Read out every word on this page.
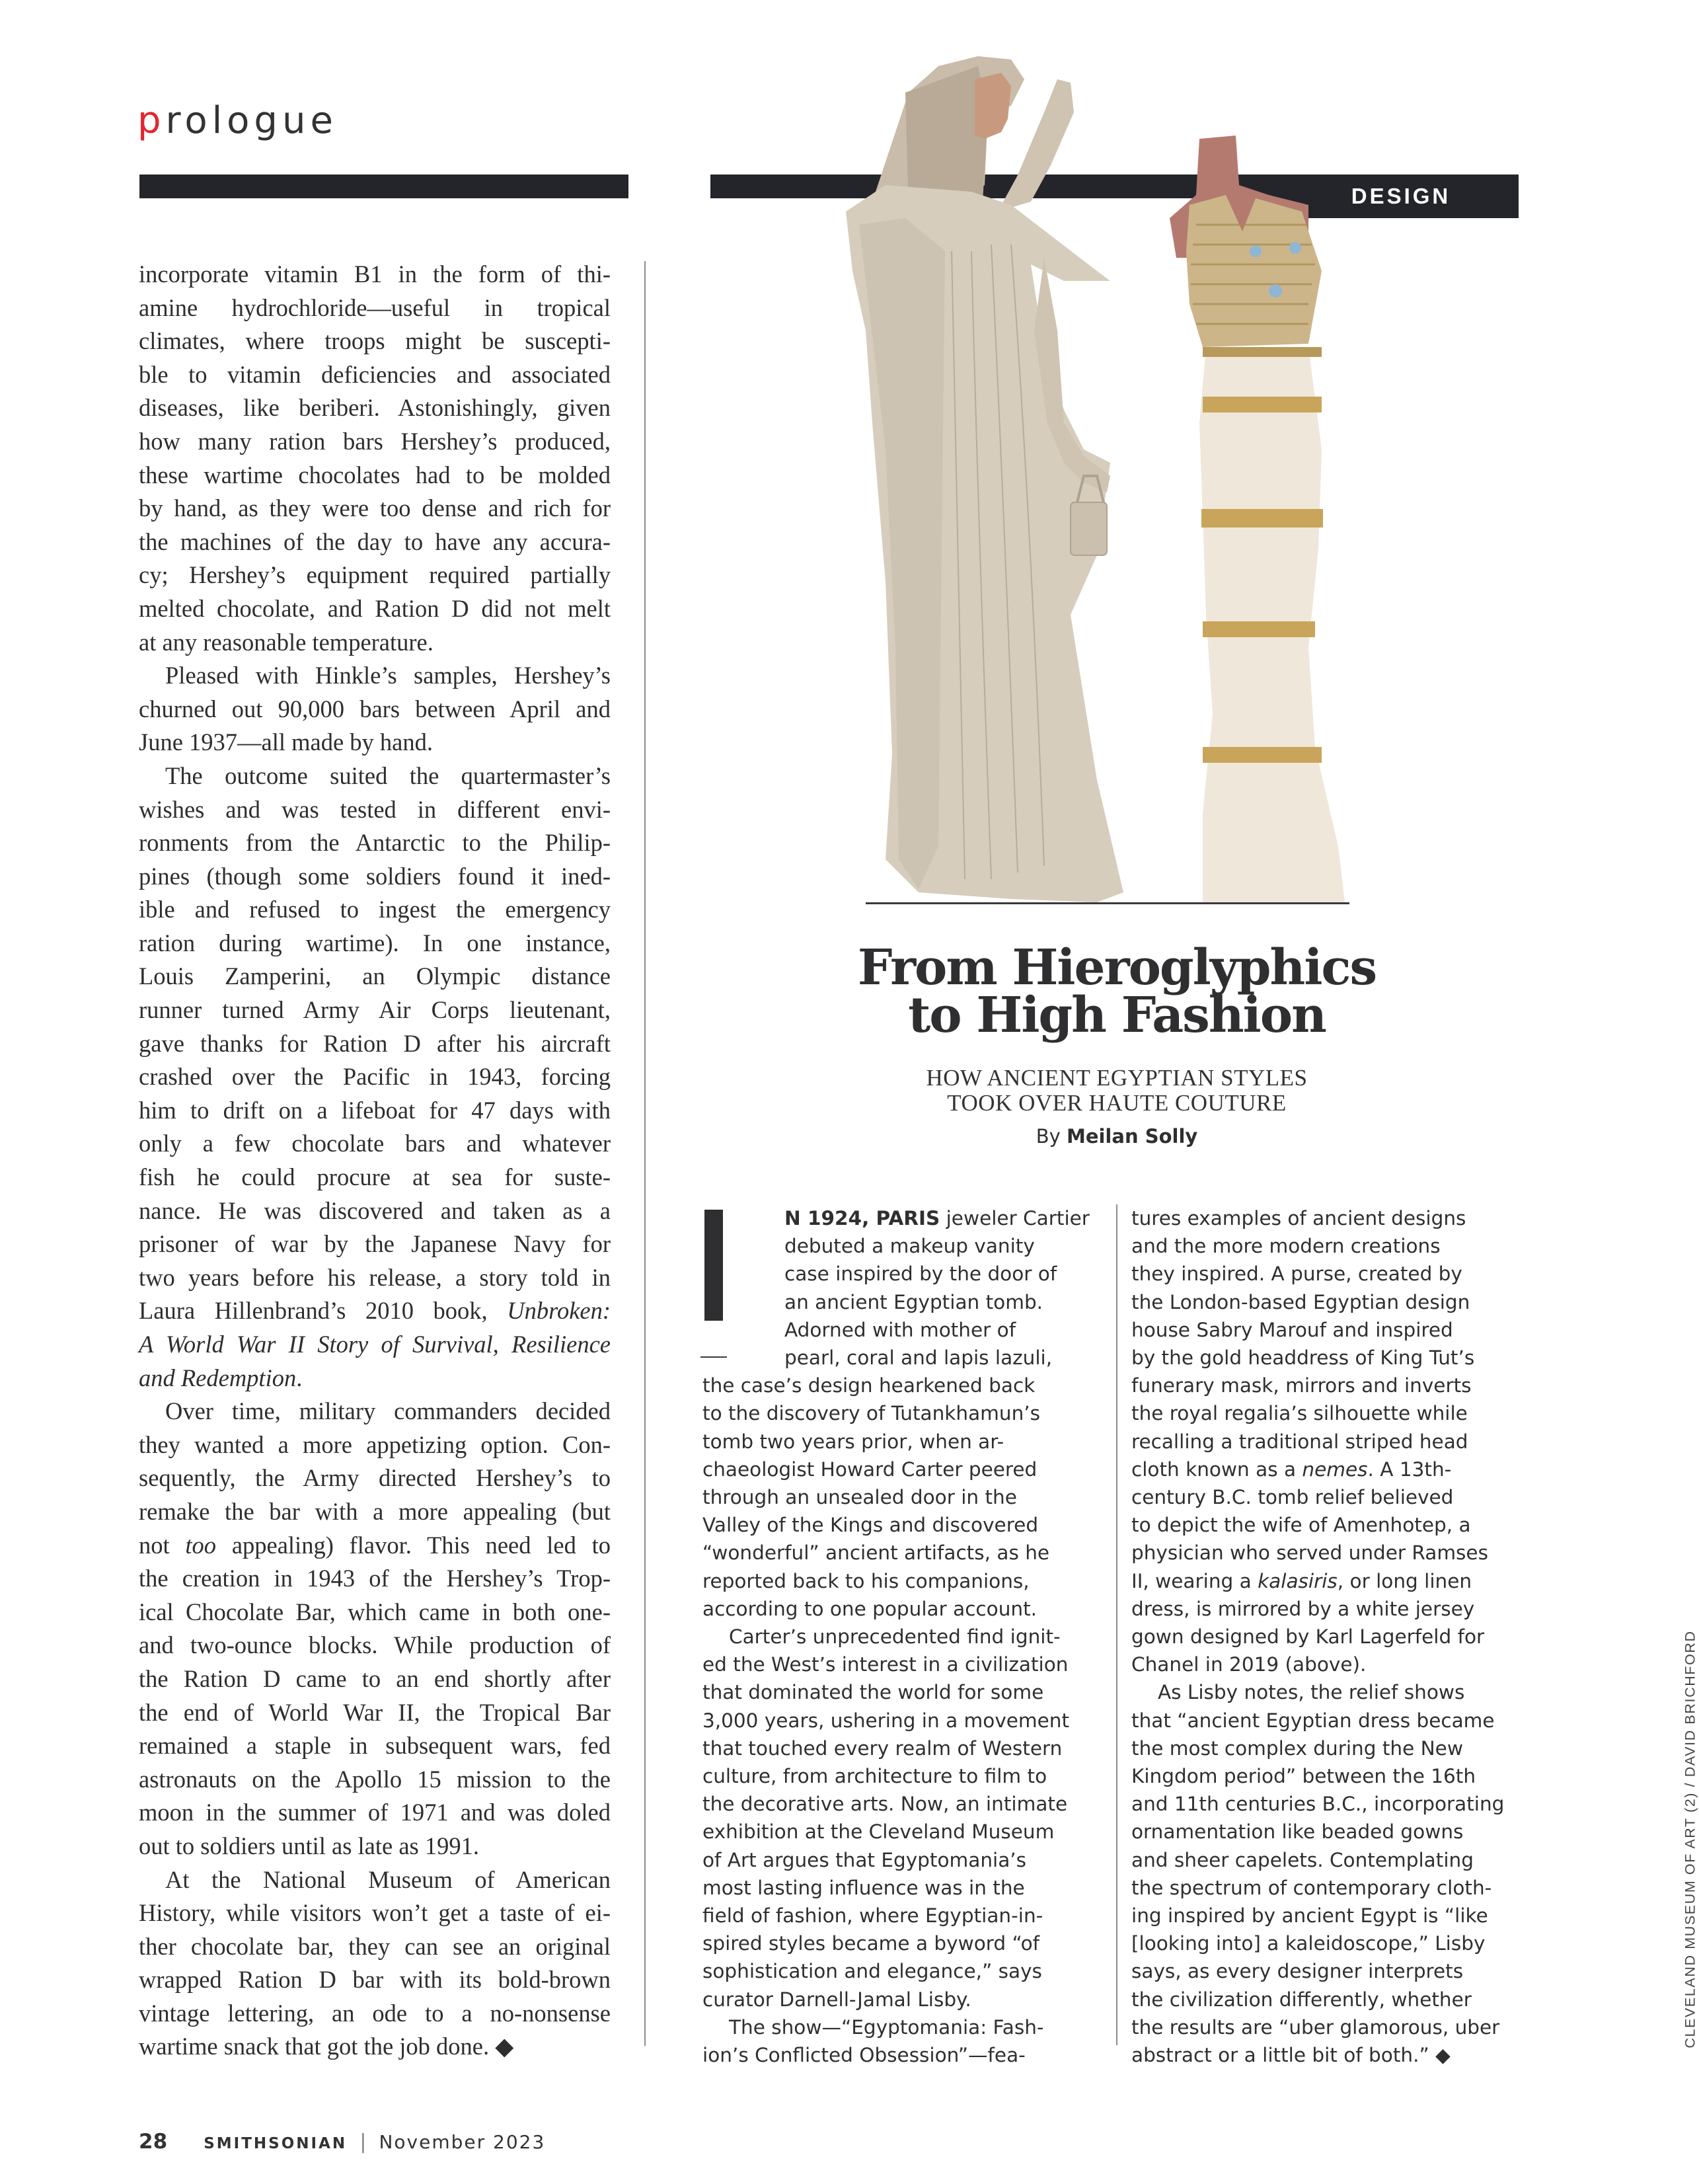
prologue
DESIGN

incorporate vitamin B1 in the form of thi-
amine hydrochloride—useful in tropical
climates, where troops might be suscepti-
ble to vitamin deficiencies and associated
diseases, like beriberi. Astonishingly, given
how many ration bars Hershey’s produced,
these wartime chocolates had to be molded
by hand, as they were too dense and rich for
the machines of the day to have any accura-
cy; Hershey’s equipment required partially
melted chocolate, and Ration D did not melt
at any reasonable temperature.

Pleased with Hinkle’s samples, Hershey’s
churned out 90,000 bars between April and
June 1937—all made by hand.

The outcome suited the quartermaster’s
wishes and was tested in different envi-
ronments from the Antarctic to the Philip-
pines (though some soldiers found it ined-
ible and refused to ingest the emergency
ration during wartime). In one instance,
Louis Zamperini, an Olympic distance
runner turned Army Air Corps lieutenant,
gave thanks for Ration D after his aircraft
crashed over the Pacific in 1943, forcing
him to drift on a lifeboat for 47 days with
only a few chocolate bars and whatever
fish he could procure at sea for suste-
nance. He was discovered and taken as a
prisoner of war by the Japanese Navy for
two years before his release, a story told in
Laura Hillenbrand’s 2010 book, Unbroken:
A World War II Story of Survival, Resilience
and Redemption.

Over time, military commanders decided
they wanted a more appetizing option. Con-
sequently, the Army directed Hershey’s to
remake the bar with a more appealing (but
not too appealing) flavor. This need led to
the creation in 1943 of the Hershey’s Trop-
ical Chocolate Bar, which came in both one-
and two-ounce blocks. While production of
the Ration D came to an end shortly after
the end of World War II, the Tropical Bar
remained a staple in subsequent wars, fed
astronauts on the Apollo 15 mission to the
moon in the summer of 1971 and was doled
out to soldiers until as late as 1991.

At the National Museum of American
History, while visitors won’t get a taste of ei-
ther chocolate bar, they can see an original
wrapped Ration D bar with its bold-brown
vintage lettering, an ode to a no-nonsense
wartime snack that got the job done. ◆

From Hieroglyphics
to High Fashion
HOW ANCIENT EGYPTIAN STYLES
TOOK OVER HAUTE COUTURE
By Meilan Solly
N 1924, PARIS jeweler Cartier
debuted a makeup vanity
case inspired by the door of
an ancient Egyptian tomb.
Adorned with mother of
pearl, coral and lapis lazuli,

the case’s design hearkened back
to the discovery of Tutankhamun’s
tomb two years prior, when ar-
chaeologist Howard Carter peered
through an unsealed door in the
Valley of the Kings and discovered
“wonderful” ancient artifacts, as he
reported back to his companions,
according to one popular account.

Carter’s unprecedented find ignit-
ed the West’s interest in a civilization
that dominated the world for some
3,000 years, ushering in a movement
that touched every realm of Western
culture, from architecture to film to
the decorative arts. Now, an intimate
exhibition at the Cleveland Museum
of Art argues that Egyptomania’s
most lasting influence was in the
field of fashion, where Egyptian-in-
spired styles became a byword “of
sophistication and elegance,” says
curator Darnell-Jamal Lisby.

The show—“Egyptomania: Fash-
ion’s Conflicted Obsession”—fea-

tures examples of ancient designs
and the more modern creations
they inspired. A purse, created by
the London-based Egyptian design
house Sabry Marouf and inspired
by the gold headdress of King Tut’s
funerary mask, mirrors and inverts
the royal regalia’s silhouette while
recalling a traditional striped head
cloth known as a nemes. A 13th-
century B.C. tomb relief believed
to depict the wife of Amenhotep, a
physician who served under Ramses
II, wearing a kalasiris, or long linen
dress, is mirrored by a white jersey
gown designed by Karl Lagerfeld for
Chanel in 2019 (above).

As Lisby notes, the relief shows
that “ancient Egyptian dress became
the most complex during the New
Kingdom period” between the 16th
and 11th centuries B.C., incorporating
ornamentation like beaded gowns
and sheer capelets. Contemplating
the spectrum of contemporary cloth-
ing inspired by ancient Egypt is “like
[looking into] a kaleidoscope,” Lisby
says, as every designer interprets
the civilization differently, whether
the results are “uber glamorous, uber
abstract or a little bit of both.” ◆

CLEVELAND MUSEUM OF ART (2) / DAVID BRICHFORD
28 SMITHSONIAN | November 2023
